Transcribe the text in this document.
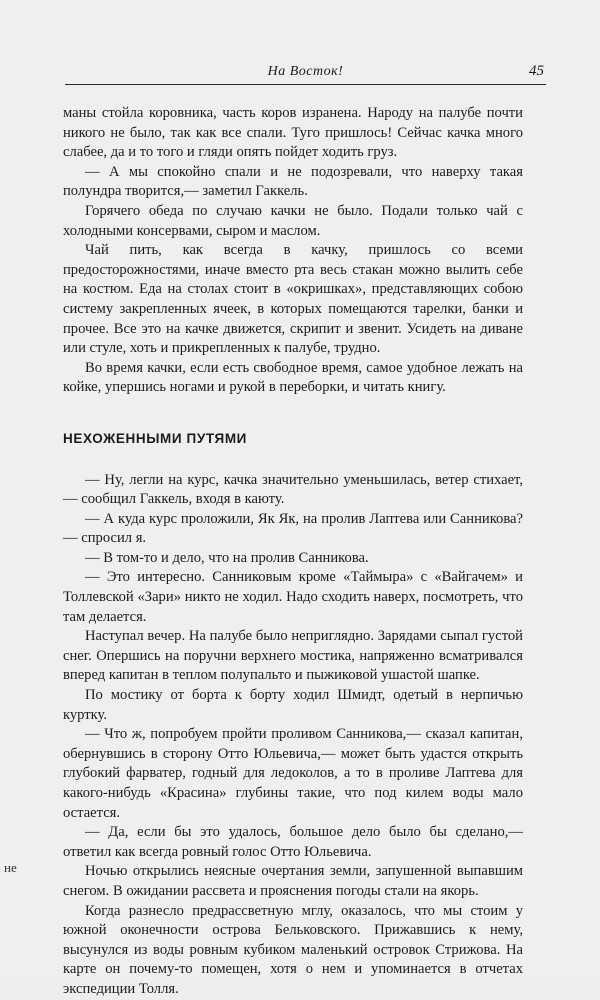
На Восток!	45

маны стойла коровника, часть коров изранена. Народу на палубе почти никого не было, так как все спали. Туго пришлось! Сейчас качка много слабее, да и то того и гляди опять пойдет ходить груз.

— А мы спокойно спали и не подозревали, что наверху такая полундра творится,— заметил Гаккель.

Горячего обеда по случаю качки не было. Подали только чай с холодными консервами, сыром и маслом.

Чай пить, как всегда в качку, пришлось со всеми предосторожностями, иначе вместо рта весь стакан можно вылить себе на костюм. Еда на столах стоит в «окришках», представляющих собою систему закрепленных ячеек, в которых помещаются тарелки, банки и прочее. Все это на качке движется, скрипит и звенит. Усидеть на диване или стуле, хоть и прикрепленных к палубе, трудно.

Во время качки, если есть свободное время, самое удобное лежать на койке, упершись ногами и рукой в переборки, и читать книгу.

НЕХОЖЕННЫМИ ПУТЯМИ

— Ну, легли на курс, качка значительно уменьшилась, ветер стихает,— сообщил Гаккель, входя в каюту.

— А куда курс проложили, Як Як, на пролив Лаптева или Санникова?— спросил я.

— В том-то и дело, что на пролив Санникова.

— Это интересно. Санниковым кроме «Таймыра» с «Вайгачем» и Толлевской «Зари» никто не ходил. Надо сходить наверх, посмотреть, что там делается.

Наступал вечер. На палубе было неприглядно. Зарядами сыпал густой снег. Опершись на поручни верхнего мостика, напряженно всматривался вперед капитан в теплом полупальто и пыжиковой ушастой шапке.

По мостику от борта к борту ходил Шмидт, одетый в нерпичью куртку.

— Что ж, попробуем пройти проливом Санникова,— сказал капитан, обернувшись в сторону Отто Юльевича,— может быть удастся открыть глубокий фарватер, годный для ледоколов, а то в проливе Лаптева для какого-нибудь «Красина» глубины такие, что под килем воды мало остается.

— Да, если бы это удалось, большое дело было бы сделано,— ответил как всегда ровный голос Отто Юльевича.

Ночью открылись неясные очертания земли, запушенной выпавшим снегом. В ожидании рассвета и прояснения погоды стали на якорь.

Когда разнесло предрассветную мглу, оказалось, что мы стоим у южной оконечности острова Бельковского. Прижавшись к нему, высунулся из воды ровным кубиком маленький островок Стрижова. На карте он почему-то помещен, хотя о нем и упоминается в отчетах экспедиции Толля.

не
